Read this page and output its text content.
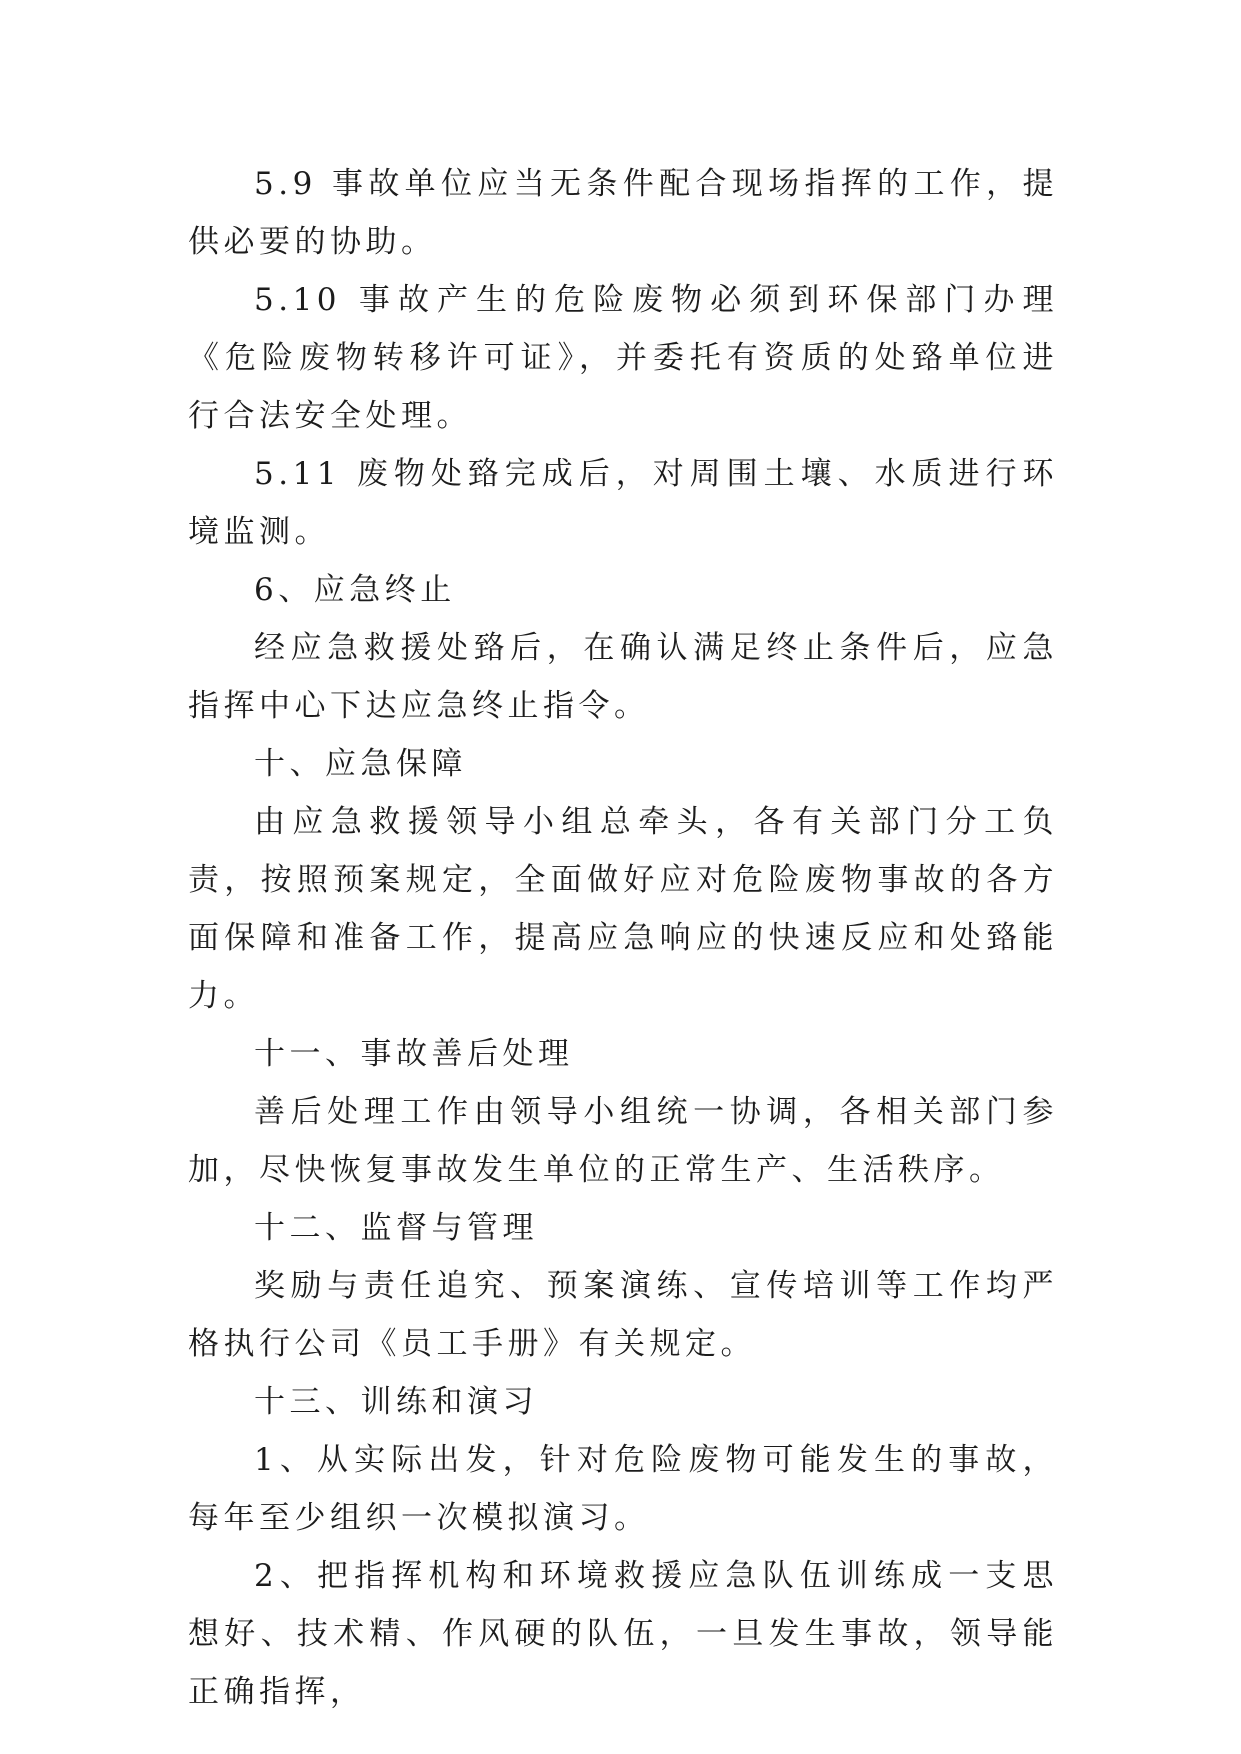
5.9 事故单位应当无条件配合现场指挥的工作，提供必要的协助。

5.10 事故产生的危险废物必须到环保部门办理《危险废物转移许可证》，并委托有资质的处臵单位进行合法安全处理。

5.11 废物处臵完成后，对周围土壤、水质进行环境监测。

6、应急终止

经应急救援处臵后，在确认满足终止条件后，应急指挥中心下达应急终止指令。

十、应急保障

由应急救援领导小组总牵头，各有关部门分工负责，按照预案规定，全面做好应对危险废物事故的各方面保障和准备工作，提高应急响应的快速反应和处臵能力。

十一、事故善后处理

善后处理工作由领导小组统一协调，各相关部门参加，尽快恢复事故发生单位的正常生产、生活秩序。

十二、监督与管理

奖励与责任追究、预案演练、宣传培训等工作均严格执行公司《员工手册》有关规定。

十三、训练和演习

1、从实际出发，针对危险废物可能发生的事故，每年至少组织一次模拟演习。

2、把指挥机构和环境救援应急队伍训练成一支思想好、技术精、作风硬的队伍，一旦发生事故，领导能正确指挥，
